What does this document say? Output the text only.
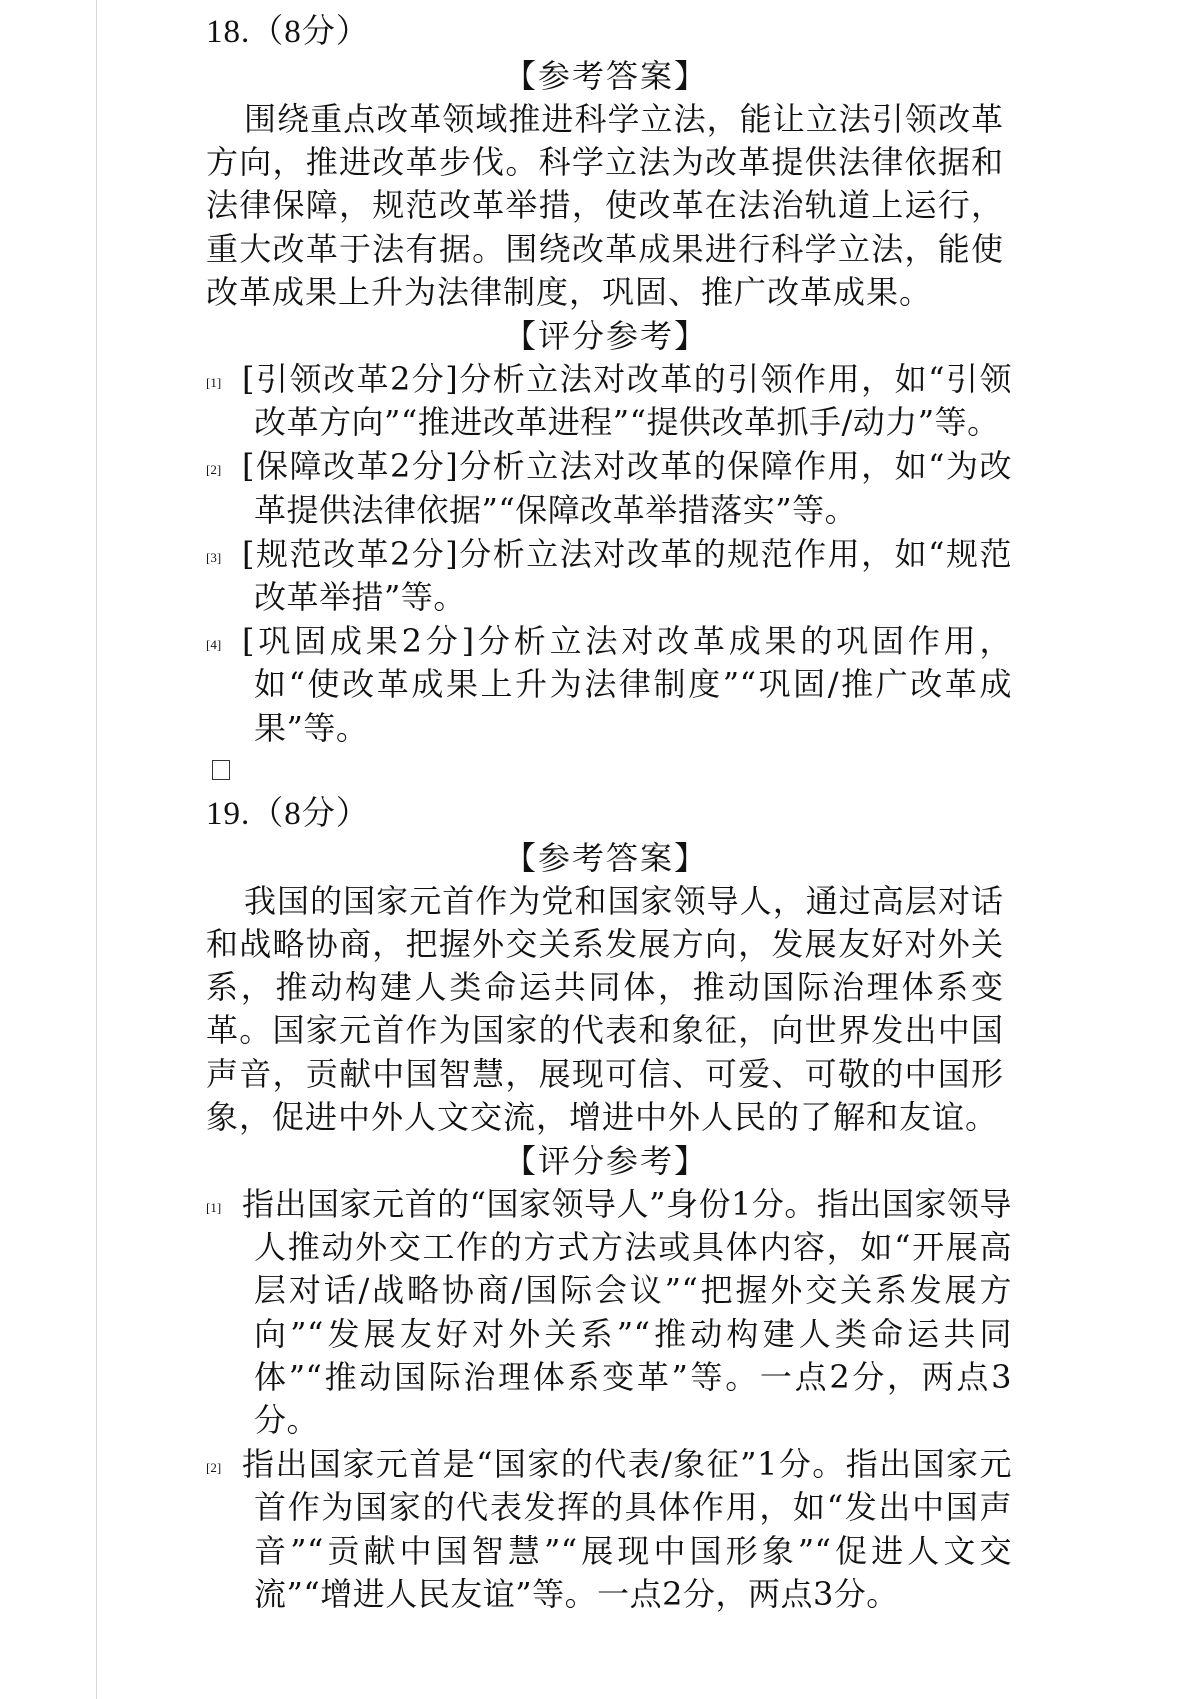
18.（8分）

【参考答案】

围绕重点改革领域推进科学立法，能让立法引领改革方向，推进改革步伐。科学立法为改革提供法律依据和法律保障，规范改革举措，使改革在法治轨道上运行，重大改革于法有据。围绕改革成果进行科学立法，能使改革成果上升为法律制度，巩固、推广改革成果。

【评分参考】

[1] [引领改革2分]分析立法对改革的引领作用，如“引领改革方向”“推进改革进程”“提供改革抓手/动力”等。
[2] [保障改革2分]分析立法对改革的保障作用，如“为改革提供法律依据”“保障改革举措落实”等。
[3] [规范改革2分]分析立法对改革的规范作用，如“规范改革举措”等。
[4] [巩固成果2分]分析立法对改革成果的巩固作用，如“使改革成果上升为法律制度”“巩固/推广改革成果”等。

19.（8分）

【参考答案】

我国的国家元首作为党和国家领导人，通过高层对话和战略协商，把握外交关系发展方向，发展友好对外关系，推动构建人类命运共同体，推动国际治理体系变革。国家元首作为国家的代表和象征，向世界发出中国声音，贡献中国智慧，展现可信、可爱、可敬的中国形象，促进中外人文交流，增进中外人民的了解和友谊。

【评分参考】

[1] 指出国家元首的“国家领导人”身份1分。指出国家领导人推动外交工作的方式方法或具体内容，如“开展高层对话/战略协商/国际会议”“把握外交关系发展方向”“发展友好对外关系”“推动构建人类命运共同体”“推动国际治理体系变革”等。一点2分，两点3分。
[2] 指出国家元首是“国家的代表/象征”1分。指出国家元首作为国家的代表发挥的具体作用，如“发出中国声音”“贡献中国智慧”“展现中国形象”“促进人文交流”“增进人民友谊”等。一点2分，两点3分。
